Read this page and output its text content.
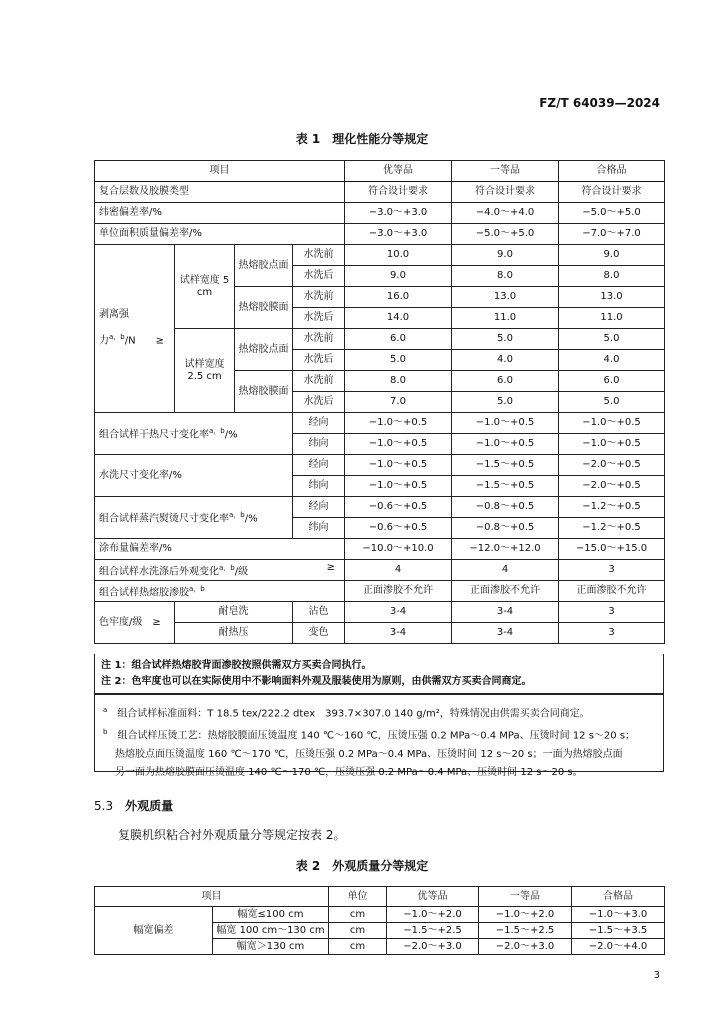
FZ/T 64039—2024
表 1　理化性能分等规定
项目				优等品	一等品	合格品
复合层数及胶膜类型				符合设计要求	符合设计要求	符合设计要求
纬密偏差率/%				−3.0～+3.0	−4.0～+4.0	−5.0～+5.0
单位面积质量偏差率/%				−3.0～+3.0	−5.0～+5.0	−7.0～+7.0
剥离强
力$^{a,b}$/N　　≥	试样宽度 5 cm	热熔胶点面	水洗前	10.0	9.0	9.0
			水洗后	9.0	8.0	8.0
		热熔胶膜面	水洗前	16.0	13.0	13.0
			水洗后	14.0	11.0	11.0
	试样宽度 2.5 cm	热熔胶点面	水洗前	6.0	5.0	5.0
			水洗后	5.0	4.0	4.0
		热熔胶膜面	水洗前	8.0	6.0	6.0
			水洗后	7.0	5.0	5.0
组合试样干热尺寸变化率$^{a,b}$/%			经向	−1.0～+0.5	−1.0～+0.5	−1.0～+0.5
			纬向	−1.0～+0.5	−1.0～+0.5	−1.0～+0.5
水洗尺寸变化率/%			经向	−1.0～+0.5	−1.5～+0.5	−2.0～+0.5
			纬向	−1.0～+0.5	−1.5～+0.5	−2.0～+0.5
组合试样蒸汽熨烫尺寸变化率$^{a,b}$/%			经向	−0.6～+0.5	−0.8～+0.5	−1.2～+0.5
			纬向	−0.6～+0.5	−0.8～+0.5	−1.2～+0.5
涂布量偏差率/%				−10.0～+10.0	−12.0～+12.0	−15.0～+15.0
组合试样水洗涤后外观变化$^{a,b}$/级 ≥				4	4	3
组合试样热熔胶渗胶$^{a,b}$				正面渗胶不允许	正面渗胶不允许	正面渗胶不允许
色牢度/级　≥	耐皂洗		沾色	3-4	3-4	3
	耐热压		变色	3-4	3-4	3
注 1：组合试样热熔胶背面渗胶按照供需双方买卖合同执行。
注 2：色牢度也可以在实际使用中不影响面料外观及服装使用为原则，由供需双方买卖合同商定。
$^a$　 组合试样标准面料：T 18.5 tex/222.2 dtex　393.7×307.0 140 g/m²，特殊情况由供需买卖合同商定。
$^b$　 组合试样压烫工艺：热熔胶膜面压烫温度 140 ℃～160 ℃，压烫压强 0.2 MPa～0.4 MPa、压烫时间 12 s～20 s；
热熔胶点面压烫温度 160 ℃～170 ℃，压烫压强 0.2 MPa～0.4 MPa、压烫时间 12 s～20 s；一面为热熔胶点面
另一面为热熔胶膜面压烫温度 140 ℃～170 ℃，压烫压强 0.2 MPa～0.4 MPa、压烫时间 12 s～20 s。
5.3 外观质量
复膜机织粘合衬外观质量分等规定按表 2。
表 2　外观质量分等规定
项目		单位	优等品	一等品	合格品
幅宽偏差	幅宽≤100 cm	cm	−1.0～+2.0	−1.0～+2.0	−1.0～+3.0
	幅宽 100 cm～130 cm	cm	−1.5～+2.5	−1.5～+2.5	−1.5～+3.5
	幅宽＞130 cm	cm	−2.0～+3.0	−2.0～+3.0	−2.0～+4.0
3
